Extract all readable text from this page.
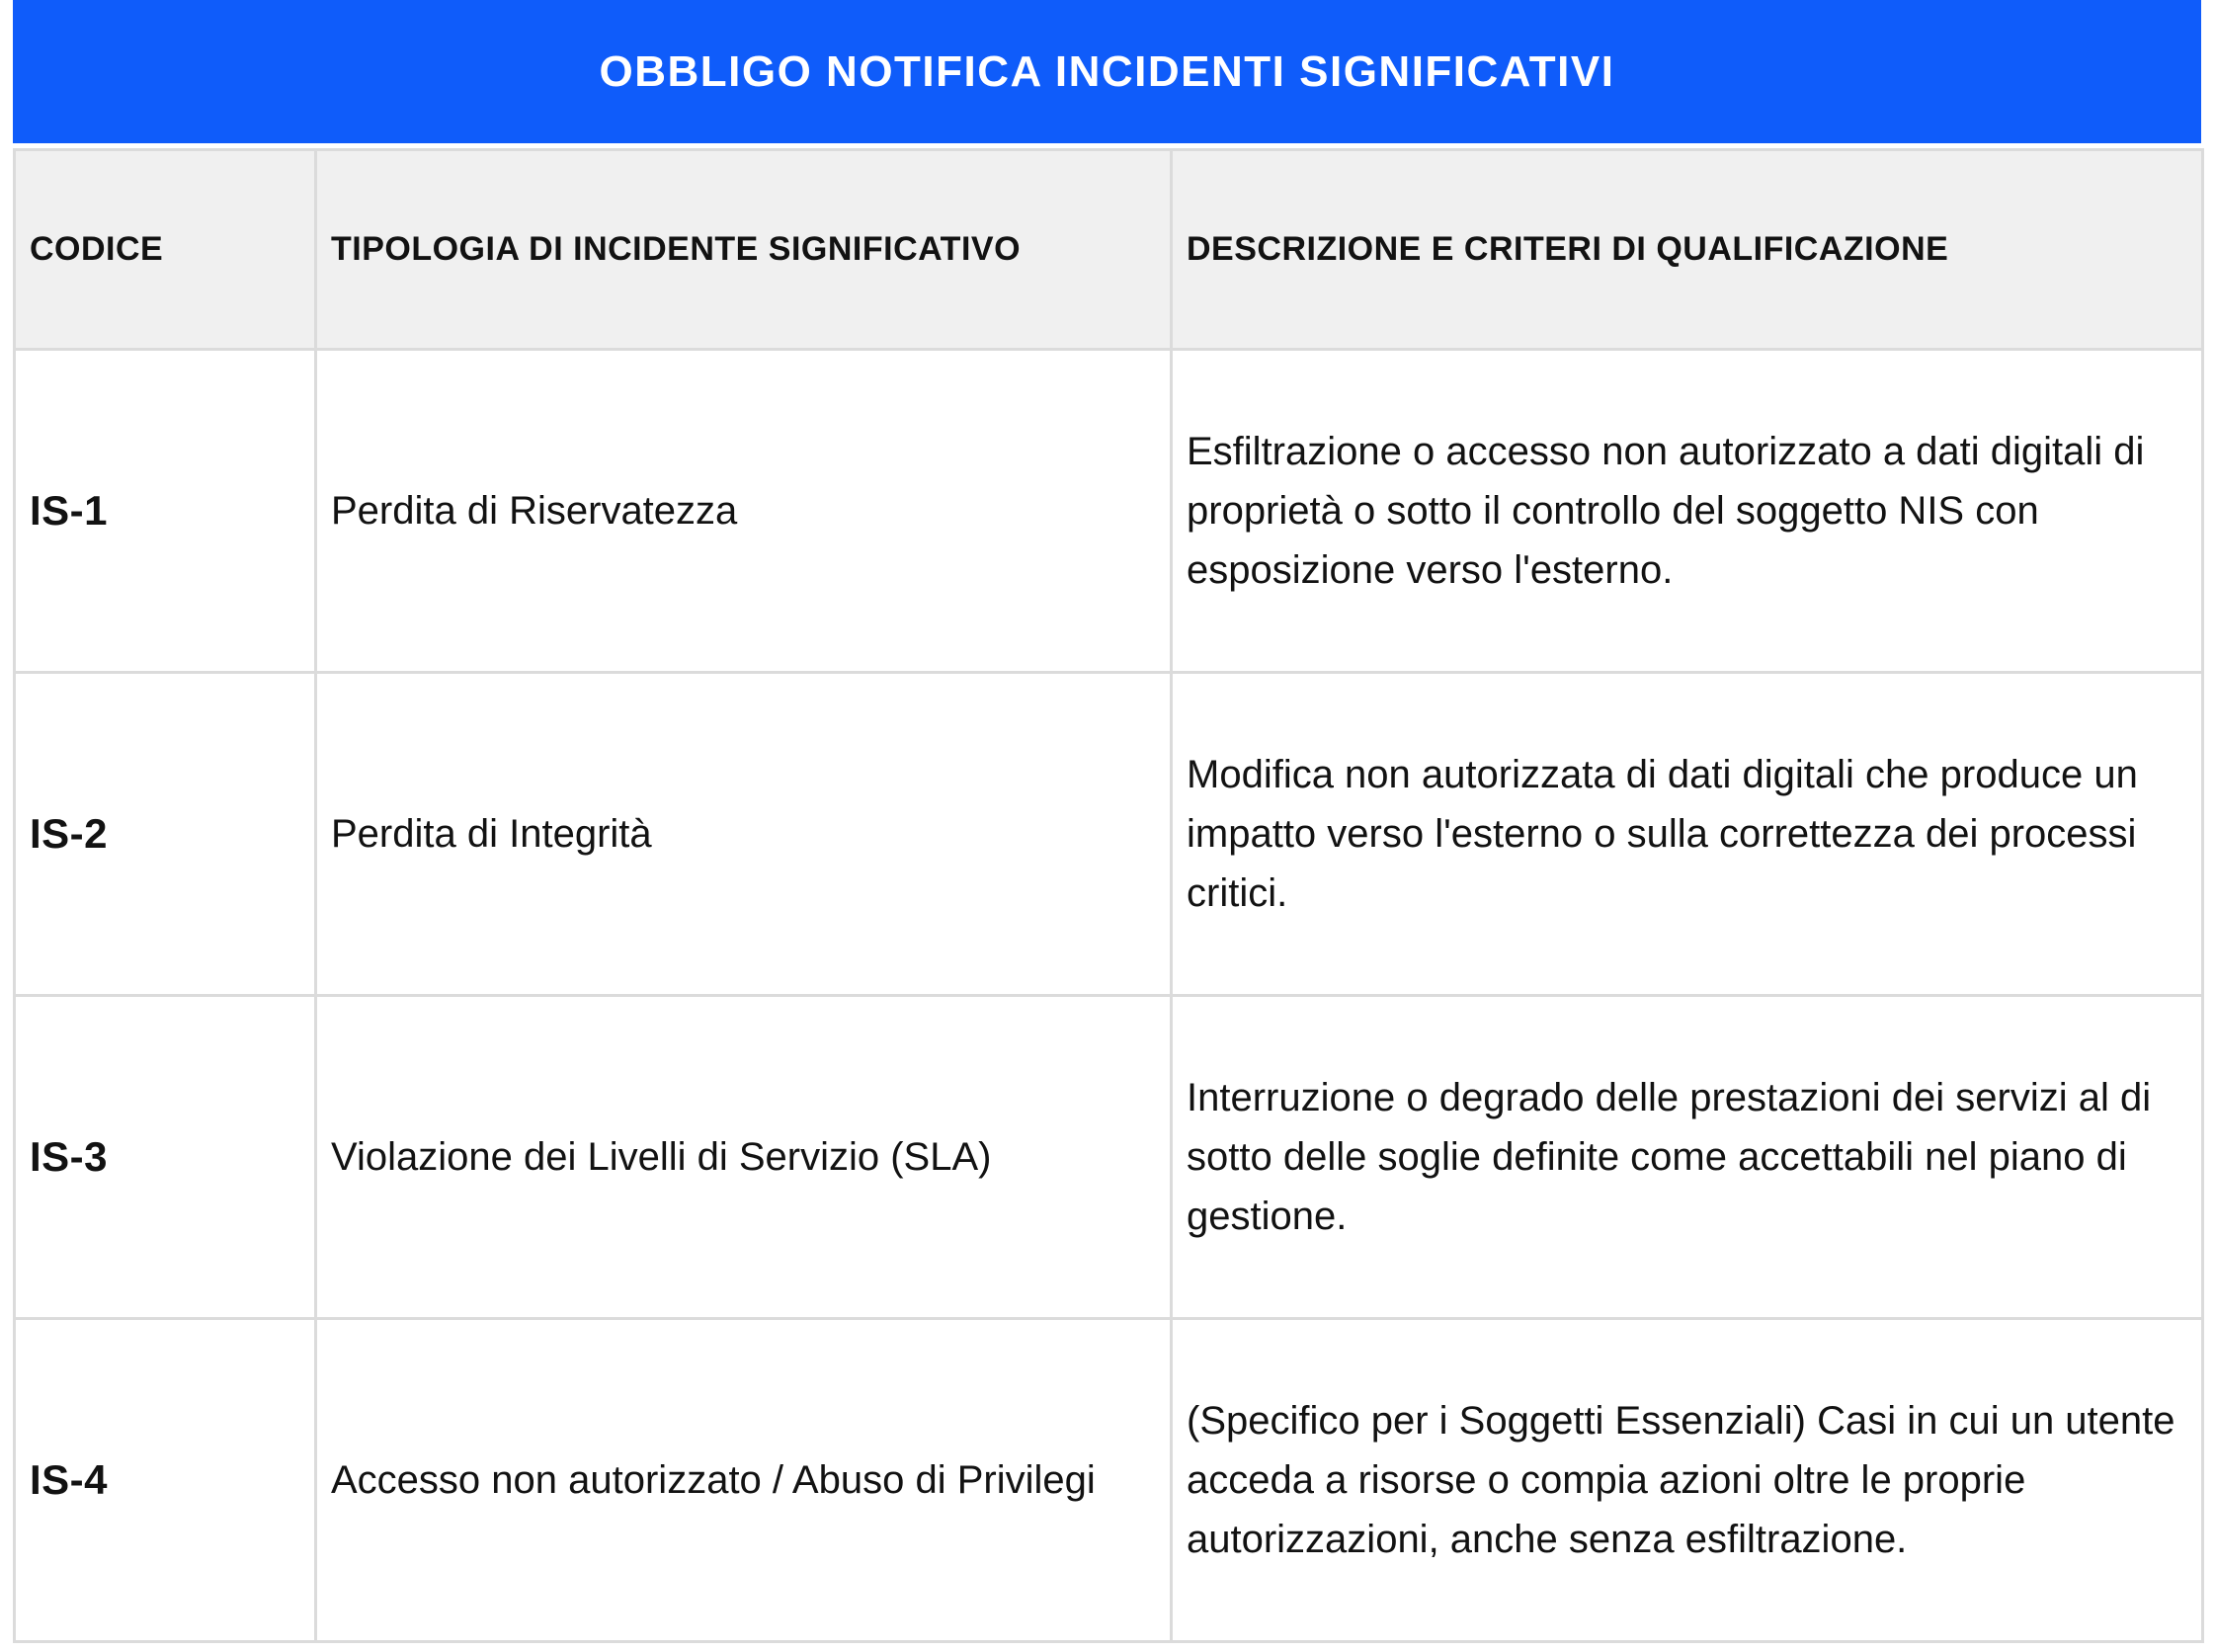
OBBLIGO NOTIFICA INCIDENTI SIGNIFICATIVI
CODICE	TIPOLOGIA DI INCIDENTE SIGNIFICATIVO	DESCRIZIONE E CRITERI DI QUALIFICAZIONE
IS-1	Perdita di Riservatezza	Esfiltrazione o accesso non autorizzato a dati digitali di proprietà o sotto il controllo del soggetto NIS con esposizione verso l'esterno.
IS-2	Perdita di Integrità	Modifica non autorizzata di dati digitali che produce un impatto verso l'esterno o sulla correttezza dei processi critici.
IS-3	Violazione dei Livelli di Servizio (SLA)	Interruzione o degrado delle prestazioni dei servizi al di sotto delle soglie definite come accettabili nel piano di gestione.
IS-4	Accesso non autorizzato / Abuso di Privilegi	(Specifico per i Soggetti Essenziali) Casi in cui un utente acceda a risorse o compia azioni oltre le proprie autorizzazioni, anche senza esfiltrazione.
